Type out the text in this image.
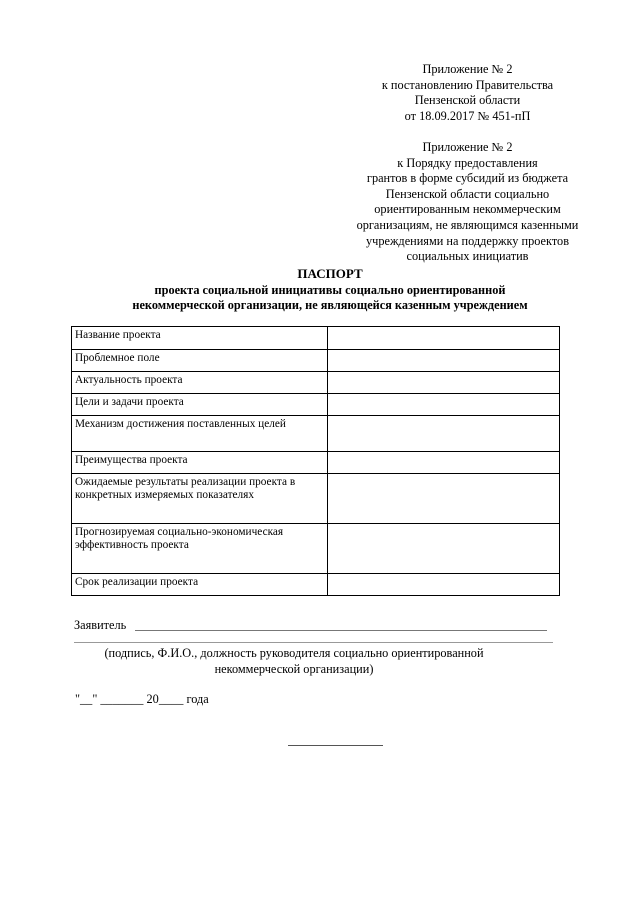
Приложение № 2
к постановлению Правительства
Пензенской области
от 18.09.2017 № 451-пП
Приложение № 2
к Порядку предоставления
грантов в форме субсидий из бюджета
Пензенской области социально
ориентированным некоммерческим
организациям, не являющимся казенными
учреждениями на поддержку проектов
социальных инициатив
ПАСПОРТ
проекта социальной инициативы социально ориентированной
некоммерческой организации, не являющейся казенным учреждением
Название проекта	
Проблемное поле	
Актуальность проекта	
Цели и задачи проекта	
Механизм достижения поставленных целей	
Преимущества проекта	
Ожидаемые результаты реализации проекта в конкретных измеряемых показателях	
Прогнозируемая социально-экономическая эффективность проекта	
Срок реализации проекта	
Заявитель
(подпись, Ф.И.О., должность руководителя социально ориентированной
некоммерческой организации)
"__" _______ 20____ года
